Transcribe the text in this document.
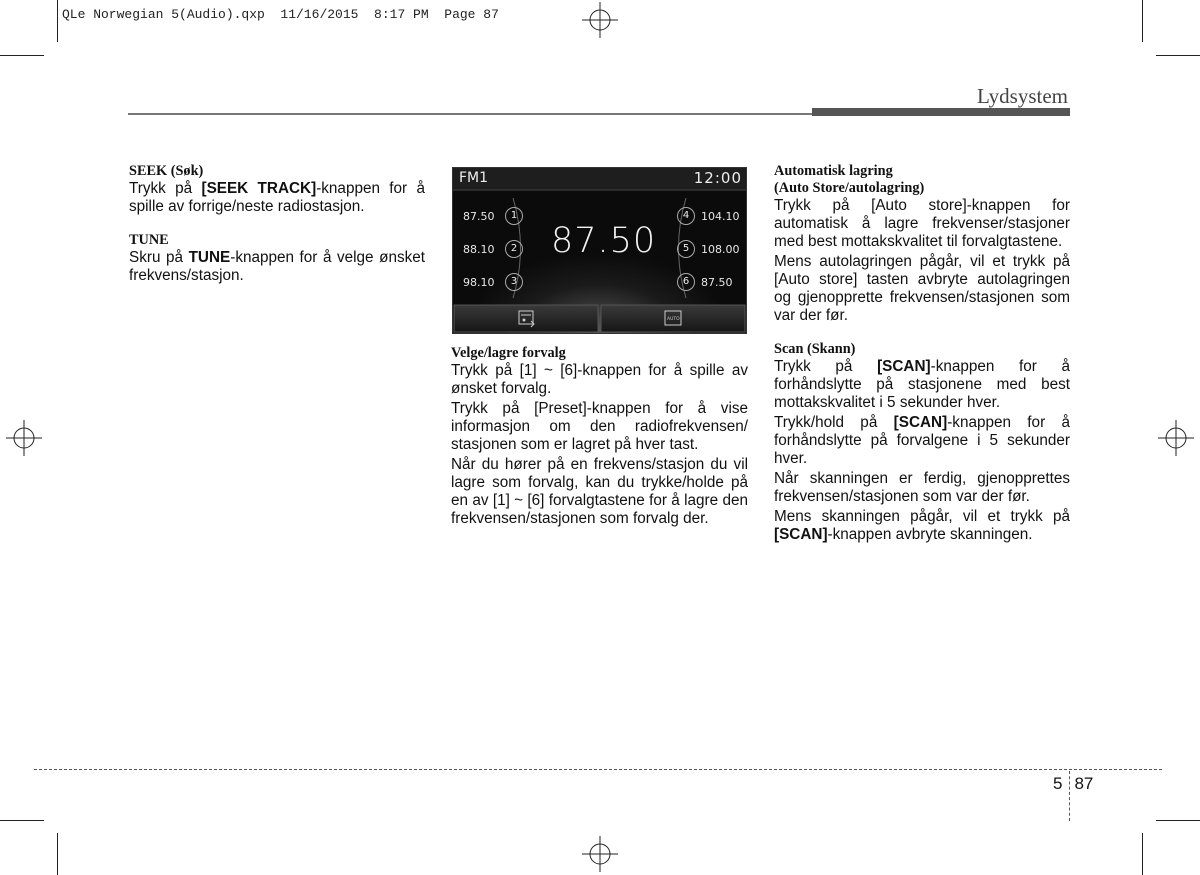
QLe Norwegian 5(Audio).qxp  11/16/2015  8:17 PM  Page 87
Lydsystem
SEEK (Søk)

Trykk på [SEEK TRACK]-knappen for å spille av forrige/neste radiostasjon.

TUNE

Skru på TUNE-knappen for å velge ønsket frekvens/stasjon.

FM1	12:00
87.50
87.50	1
88.10	2
98.10	3
104.10
4
108.00
5
87.50
6
AUTO
Velge/lagre forvalg

Trykk på [1] ~ [6]-knappen for å spille av ønsket forvalg.

Trykk på [Preset]-knappen for å vise informasjon om den radiofrekvensen/ stasjonen som er lagret på hver tast.

Når du hører på en frekvens/stasjon du vil lagre som forvalg, kan du trykke/holde på en av [1] ~ [6] forvalgtastene for å lagre den frekvensen/stasjonen som forvalg der.

Automatisk lagring
(Auto Store/autolagring)

Trykk på [Auto store]-knappen for automatisk å lagre frekvenser/stasjoner med best mottakskvalitet til forvalgtastene.

Mens autolagringen pågår, vil et trykk på [Auto store] tasten avbryte autolagringen og gjenopprette frekvensen/stasjonen som var der før.

Scan (Skann)

Trykk på [SCAN]-knappen for å forhåndslytte på stasjonene med best mottakskvalitet i 5 sekunder hver.

Trykk/hold på [SCAN]-knappen for å forhåndslytte på forvalgene i 5 sekunder hver.

Når skanningen er ferdig, gjenopprettes frekvensen/stasjonen som var der før.

Mens skanningen pågår, vil et trykk på [SCAN]-knappen avbryte skanningen.

5 87
